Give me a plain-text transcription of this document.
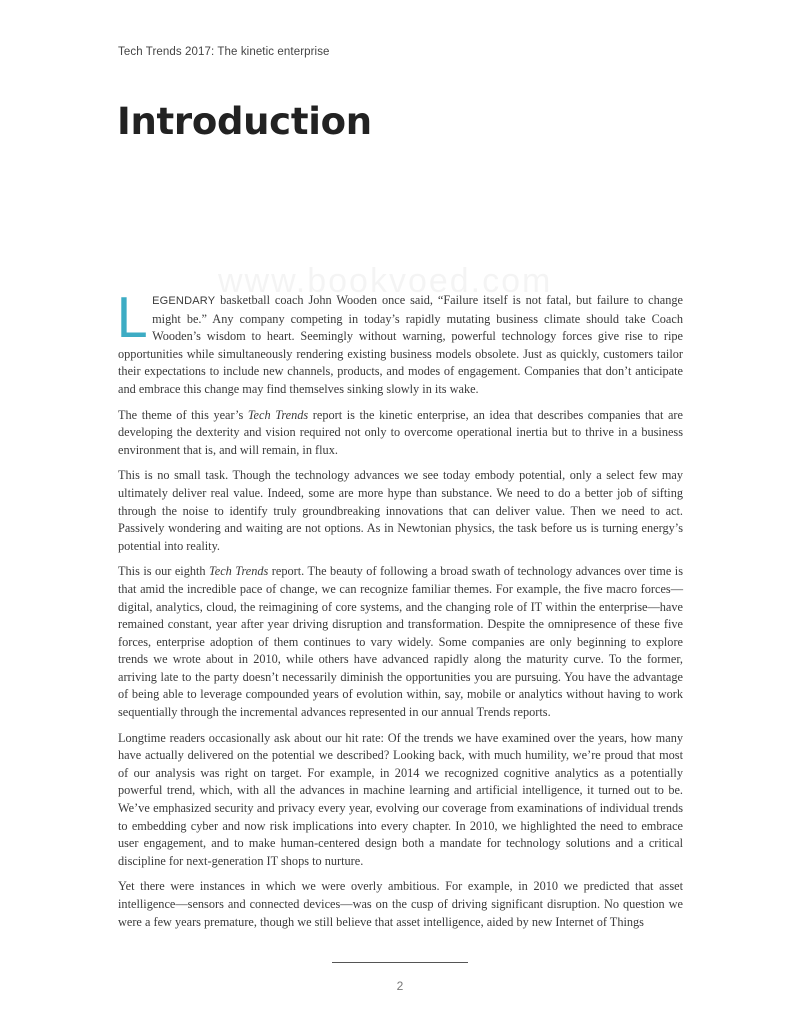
Tech Trends 2017: The kinetic enterprise
Introduction

LEGENDARY basketball coach John Wooden once said, “Failure itself is not fatal, but failure to change might be.” Any company competing in today’s rapidly mutating business climate should take Coach Wooden’s wisdom to heart. Seemingly without warning, powerful technology forces give rise to ripe opportunities while simultaneously rendering existing business models obsolete. Just as quickly, customers tailor their expectations to include new channels, products, and modes of engagement. Companies that don’t anticipate and embrace this change may find themselves sinking slowly in its wake.

The theme of this year’s Tech Trends report is the kinetic enterprise, an idea that describes companies that are developing the dexterity and vision required not only to overcome operational inertia but to thrive in a business environment that is, and will remain, in flux.

This is no small task. Though the technology advances we see today embody potential, only a select few may ultimately deliver real value. Indeed, some are more hype than substance. We need to do a better job of sifting through the noise to identify truly groundbreaking innovations that can deliver value. Then we need to act. Passively wondering and waiting are not options. As in Newtonian physics, the task before us is turning energy’s potential into reality.

This is our eighth Tech Trends report. The beauty of following a broad swath of technology advances over time is that amid the incredible pace of change, we can recognize familiar themes. For example, the five macro forces—digital, analytics, cloud, the reimagining of core systems, and the changing role of IT within the enterprise—have remained constant, year after year driving disruption and transformation. Despite the omnipresence of these five forces, enterprise adoption of them continues to vary widely. Some companies are only beginning to explore trends we wrote about in 2010, while others have advanced rapidly along the maturity curve. To the former, arriving late to the party doesn’t necessarily diminish the opportunities you are pursuing. You have the advantage of being able to leverage compounded years of evolution within, say, mobile or analytics without having to work sequentially through the incremental advances represented in our annual Trends reports.

Longtime readers occasionally ask about our hit rate: Of the trends we have examined over the years, how many have actually delivered on the potential we described? Looking back, with much humility, we’re proud that most of our analysis was right on target. For example, in 2014 we recognized cognitive analytics as a potentially powerful trend, which, with all the advances in machine learning and artificial intelligence, it turned out to be. We’ve emphasized security and privacy every year, evolving our coverage from examinations of individual trends to embedding cyber and now risk implications into every chapter. In 2010, we highlighted the need to embrace user engagement, and to make human-centered design both a mandate for technology solutions and a critical discipline for next-generation IT shops to nurture.

Yet there were instances in which we were overly ambitious. For example, in 2010 we predicted that asset intelligence—sensors and connected devices—was on the cusp of driving significant disruption. No question we were a few years premature, though we still believe that asset intelligence, aided by new Internet of Things

2
